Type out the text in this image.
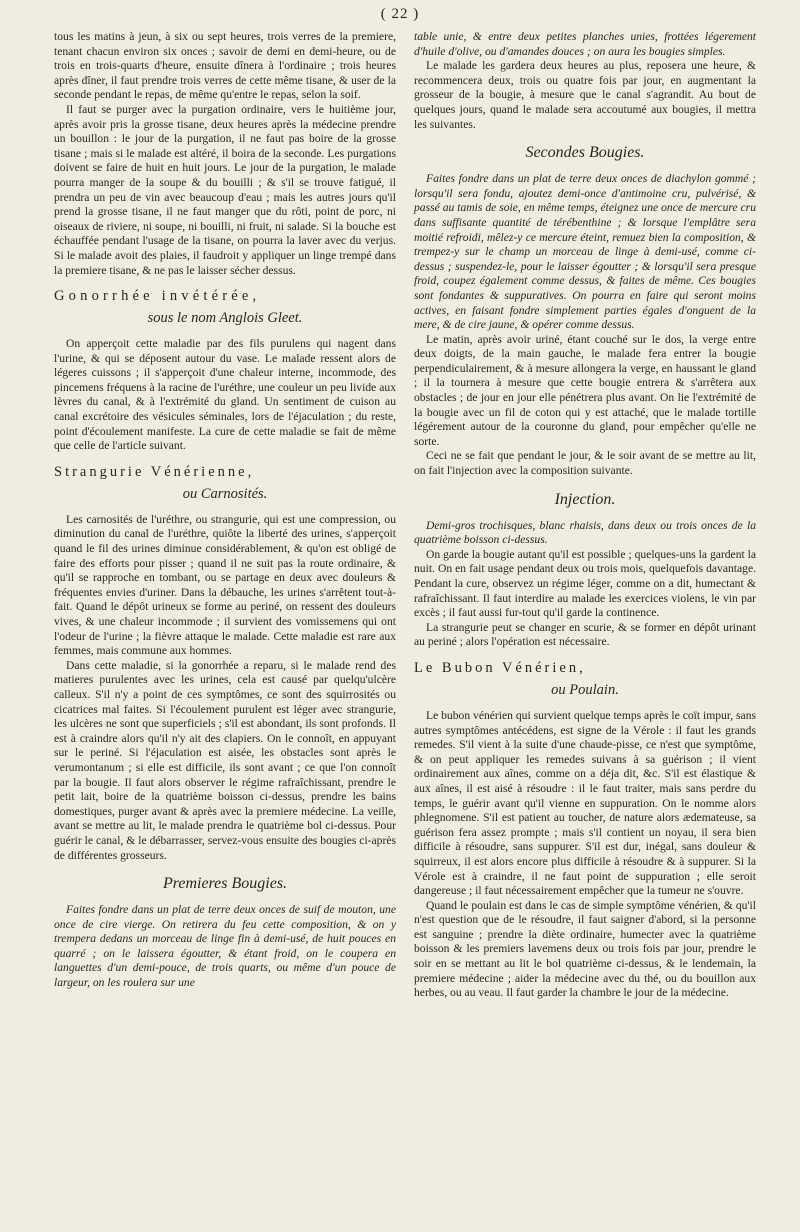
( 22 )

tous les matins à jeun, à six ou sept heures, trois verres de la premiere, tenant chacun environ six onces ; savoir de demi en demi-heure, ou de trois en trois-quarts d'heure, ensuite dînera à l'ordinaire ; trois heures après dîner, il faut prendre trois verres de cette même tisane, & user de la seconde pendant le repas, de même qu'entre le repas, selon la soif.

Il faut se purger avec la purgation ordinaire, vers le huitième jour, après avoir pris la grosse tisane, deux heures après la médecine prendre un bouillon : le jour de la purgation, il ne faut pas boire de la grosse tisane ; mais si le malade est altéré, il boira de la seconde. Les purgations doivent se faire de huit en huit jours. Le jour de la purgation, le malade pourra manger de la soupe & du bouilli ; & s'il se trouve fatigué, il prendra un peu de vin avec beaucoup d'eau ; mais les autres jours qu'il prend la grosse tisane, il ne faut manger que du rôti, point de porc, ni oiseaux de riviere, ni soupe, ni bouilli, ni fruit, ni salade. Si la bouche est échauffée pendant l'usage de la tisane, on pourra la laver avec du verjus. Si le malade avoit des plaies, il faudroit y appliquer un linge trempé dans la premiere tisane, & ne pas le laisser sécher dessus.

Gonorrhée invétérée,
sous le nom Anglois Gleet.

On apperçoit cette maladie par des fils purulens qui nagent dans l'urine, & qui se déposent autour du vase. Le malade ressent alors de légeres cuissons ; il s'apperçoit d'une chaleur interne, incommode, des pincemens fréquens à la racine de l'uréthre, une couleur un peu livide aux lèvres du canal, & à l'extrémité du gland. Un sentiment de cuison au canal excrétoire des vésicules séminales, lors de l'éjaculation ; du reste, point d'écoulement manifeste. La cure de cette maladie se fait de même que celle de l'article suivant.

Strangurie Vénérienne,
ou Carnosités.

Les carnosités de l'uréthre, ou strangurie, qui est une compression, ou diminution du canal de l'uréthre, quiôte la liberté des urines, s'apperçoit quand le fil des urines diminue considérablement, & qu'on est obligé de faire des efforts pour pisser ; quand il ne suit pas la route ordinaire, & qu'il se rapproche en tombant, ou se partage en deux avec douleurs & fréquentes envies d'uriner. Dans la débauche, les urines s'arrêtent tout-à-fait. Quand le dépôt urineux se forme au periné, on ressent des douleurs vives, & une chaleur incommode ; il survient des vomissemens qui ont l'odeur de l'urine ; la fièvre attaque le malade. Cette maladie est rare aux femmes, mais commune aux hommes.

Dans cette maladie, si la gonorrhée a reparu, si le malade rend des matieres purulentes avec les urines, cela est causé par quelqu'ulcère calleux. S'il n'y a point de ces symptômes, ce sont des squirrosités ou cicatrices mal faites. Si l'écoulement purulent est léger avec strangurie, les ulcères ne sont que superficiels ; s'il est abondant, ils sont profonds. Il est à craindre alors qu'il n'y ait des clapiers. On le connoît, en appuyant sur le periné. Si l'éjaculation est aisée, les obstacles sont après le verumontanum ; si elle est difficile, ils sont avant ; ce que l'on connoît par la bougie. Il faut alors observer le régime rafraîchissant, prendre le petit lait, boire de la quatrième boisson ci-dessus, prendre les bains domestiques, purger avant & après avec la premiere médecine. La veille, avant se mettre au lit, le malade prendra le quatrième bol ci-dessus. Pour guérir le canal, & le débarrasser, servez-vous ensuite des bougies ci-après de différentes grosseurs.

Premieres Bougies.

Faites fondre dans un plat de terre deux onces de suif de mouton, une once de cire vierge. On retirera du feu cette composition, & on y trempera dedans un morceau de linge fin à demi-usé, de huit pouces en quarré ; on le laissera égoutter, & étant froid, on le coupera en languettes d'un demi-pouce, de trois quarts, ou même d'un pouce de largeur, on les roulera sur une

table unie, & entre deux petites planches unies, frottées légerement d'huile d'olive, ou d'amandes douces ; on aura les bougies simples.

Le malade les gardera deux heures au plus, reposera une heure, & recommencera deux, trois ou quatre fois par jour, en augmentant la grosseur de la bougie, à mesure que le canal s'agrandit. Au bout de quelques jours, quand le malade sera accoutumé aux bougies, il mettra les suivantes.

Secondes Bougies.

Faites fondre dans un plat de terre deux onces de diachylon gommé ; lorsqu'il sera fondu, ajoutez demi-once d'antimoine cru, pulvérisé, & passé au tamis de soie, en même temps, éteignez une once de mercure cru dans suffisante quantité de térébenthine ; & lorsque l'emplâtre sera moitié refroidi, mêlez-y ce mercure éteint, remuez bien la composition, & trempez-y sur le champ un morceau de linge à demi-usé, comme ci-dessus ; suspendez-le, pour le laisser égoutter ; & lorsqu'il sera presque froid, coupez également comme dessus, & faites de même. Ces bougies sont fondantes & suppuratives. On pourra en faire qui seront moins actives, en faisant fondre simplement parties égales d'onguent de la mere, & de cire jaune, & opérer comme dessus.

Le matin, après avoir uriné, étant couché sur le dos, la verge entre deux doigts, de la main gauche, le malade fera entrer la bougie perpendiculairement, & à mesure allongera la verge, en haussant le gland ; il la tournera à mesure que cette bougie entrera & s'arrêtera aux obstacles ; de jour en jour elle pénétrera plus avant. On lie l'extrémité de la bougie avec un fil de coton qui y est attaché, que le malade tortille légérement autour de la couronne du gland, pour empêcher qu'elle ne sorte.

Ceci ne se fait que pendant le jour, & le soir avant de se mettre au lit, on fait l'injection avec la composition suivante.

Injection.

Demi-gros trochisques, blanc rhaisis, dans deux ou trois onces de la quatrième boisson ci-dessus.

On garde la bougie autant qu'il est possible ; quelques-uns la gardent la nuit. On en fait usage pendant deux ou trois mois, quelquefois davantage. Pendant la cure, observez un régime léger, comme on a dit, humectant & rafraîchissant. Il faut interdire au malade les exercices violens, le vin par excès ; il faut aussi fur-tout qu'il garde la continence.

La strangurie peut se changer en scurie, & se former en dépôt urinant au periné ; alors l'opération est nécessaire.

Le Bubon Vénérien,
ou Poulain.

Le bubon vénérien qui survient quelque temps après le coït impur, sans autres symptômes antécédens, est signe de la Vérole : il faut les grands remedes. S'il vient à la suite d'une chaude-pisse, ce n'est que symptôme, & on peut appliquer les remedes suivans à sa guérison ; il vient ordinairement aux aînes, comme on a déja dit, &c. S'il est élastique & aux aînes, il est aisé à résoudre : il le faut traiter, mais sans perdre du temps, le guérir avant qu'il vienne en suppuration. On le nomme alors phlegnomene. S'il est patient au toucher, de nature alors ædemateuse, sa guérison fera assez prompte ; mais s'il contient un noyau, il sera bien difficile à résoudre, sans suppurer. S'il est dur, inégal, sans douleur & squirreux, il est alors encore plus difficile à résoudre & à suppurer. Si la Vérole est à craindre, il ne faut point de suppuration ; elle seroit dangereuse ; il faut nécessairement empêcher que la tumeur ne s'ouvre.

Quand le poulain est dans le cas de simple symptôme vénérien, & qu'il n'est question que de le résoudre, il faut saigner d'abord, si la personne est sanguine ; prendre la diète ordinaire, humecter avec la quatrième boisson & les premiers lavemens deux ou trois fois par jour, prendre le soir en se mettant au lit le bol quatrième ci-dessus, & le lendemain, la premiere médecine ; aider la médecine avec du thé, ou du bouillon aux herbes, ou au veau. Il faut garder la chambre le jour de la médecine.
